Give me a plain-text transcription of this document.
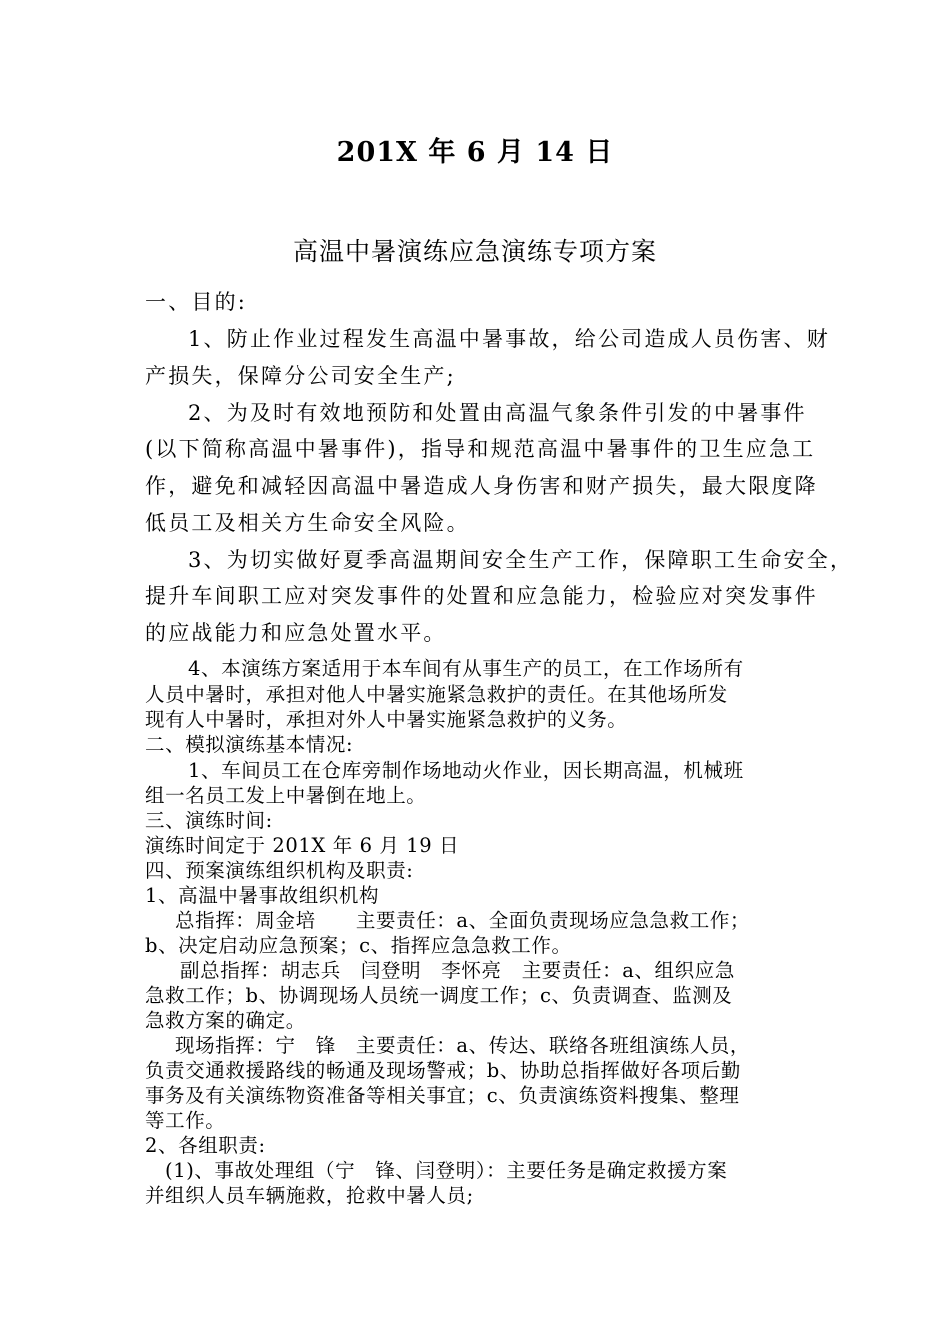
201X 年 6 月 14 日
高温中暑演练应急演练专项方案
一、目的:
1、防止作业过程发生高温中暑事故，给公司造成人员伤害、财
产损失，保障分公司安全生产;
2、为及时有效地预防和处置由高温气象条件引发的中暑事件
(以下简称高温中暑事件)，指导和规范高温中暑事件的卫生应急工
作，避免和减轻因高温中暑造成人身伤害和财产损失，最大限度降
低员工及相关方生命安全风险。
3、为切实做好夏季高温期间安全生产工作，保障职工生命安全，
提升车间职工应对突发事件的处置和应急能力，检验应对突发事件
的应战能力和应急处置水平。
4、本演练方案适用于本车间有从事生产的员工，在工作场所有
人员中暑时，承担对他人中暑实施紧急救护的责任。在其他场所发
现有人中暑时，承担对外人中暑实施紧急救护的义务。
二、模拟演练基本情况:
1、车间员工在仓库旁制作场地动火作业，因长期高温，机械班
组一名员工发上中暑倒在地上。
三、演练时间:
演练时间定于 201X 年 6 月 19 日
四、预案演练组织机构及职责:
1、高温中暑事故组织机构
总指挥：周金培　　主要责任：a、全面负责现场应急急救工作；
b、决定启动应急预案；c、指挥应急急救工作。
副总指挥：胡志兵　闫登明　李怀亮　主要责任：a、组织应急
急救工作；b、协调现场人员统一调度工作；c、负责调查、监测及
急救方案的确定。
现场指挥：宁　锋　主要责任：a、传达、联络各班组演练人员，
负责交通救援路线的畅通及现场警戒；b、协助总指挥做好各项后勤
事务及有关演练物资准备等相关事宜；c、负责演练资料搜集、整理
等工作。
2、各组职责:
(1)、事故处理组（宁　锋、闫登明）：主要任务是确定救援方案
并组织人员车辆施救，抢救中暑人员;
